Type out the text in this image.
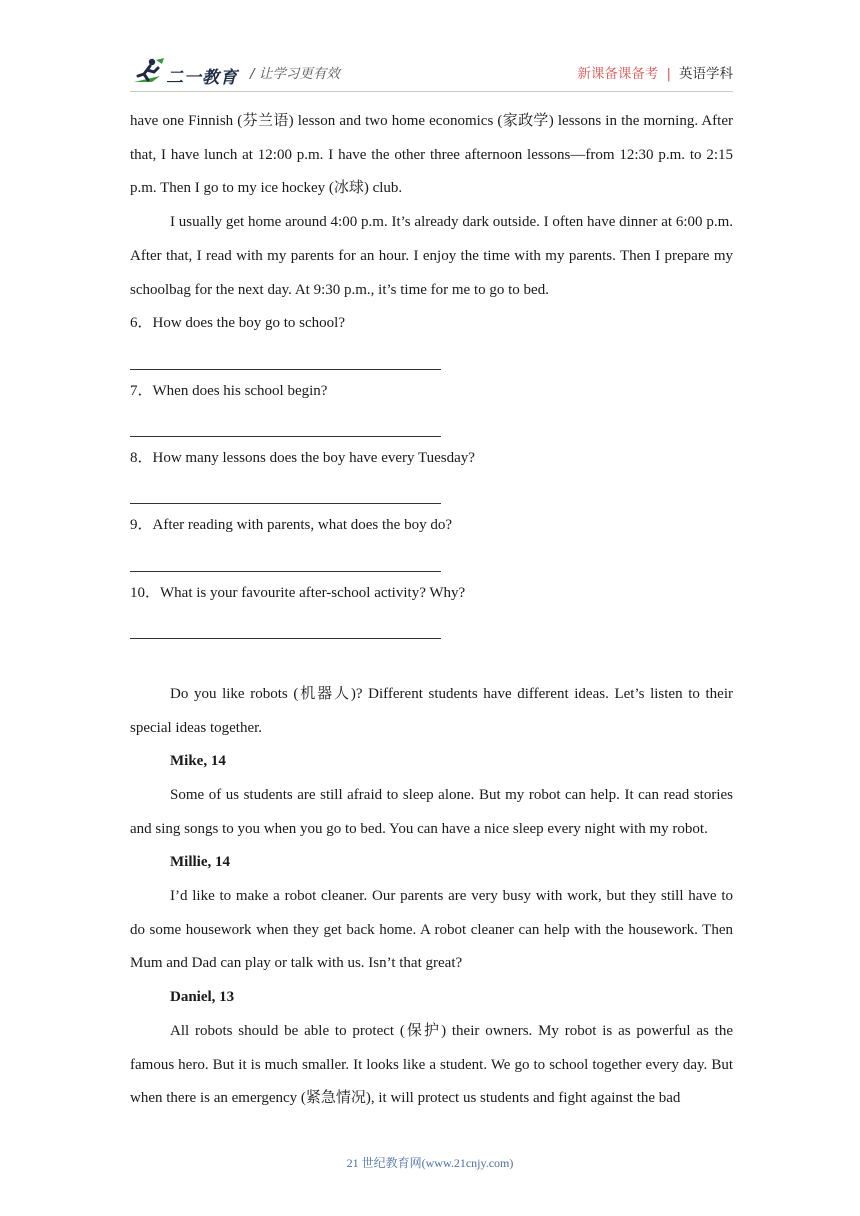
二一教育 / 让学习更有效	新课备课备考 | 英语学科

have one Finnish (芬兰语) lesson and two home economics (家政学) lessons in the morning. After that, I have lunch at 12:00 p.m. I have the other three afternoon lessons—from 12:30 p.m. to 2:15 p.m. Then I go to my ice hockey (冰球) club.

I usually get home around 4:00 p.m. It’s already dark outside. I often have dinner at 6:00 p.m. After that, I read with my parents for an hour. I enjoy the time with my parents. Then I prepare my schoolbag for the next day. At 9:30 p.m., it’s time for me to go to bed.

6．How does the boy go to school?

7．When does his school begin?

8．How many lessons does the boy have every Tuesday?

9．After reading with parents, what does the boy do?

10．What is your favourite after-school activity? Why?

Do you like robots (机器人)? Different students have different ideas. Let’s listen to their special ideas together.

Mike, 14

Some of us students are still afraid to sleep alone. But my robot can help. It can read stories and sing songs to you when you go to bed. You can have a nice sleep every night with my robot.

Millie, 14

I’d like to make a robot cleaner. Our parents are very busy with work, but they still have to do some housework when they get back home. A robot cleaner can help with the housework. Then Mum and Dad can play or talk with us. Isn’t that great?

Daniel, 13

All robots should be able to protect (保护) their owners. My robot is as powerful as the famous hero. But it is much smaller. It looks like a student. We go to school together every day. But when there is an emergency (紧急情况), it will protect us students and fight against the bad

21 世纪教育网(www.21cnjy.com)
